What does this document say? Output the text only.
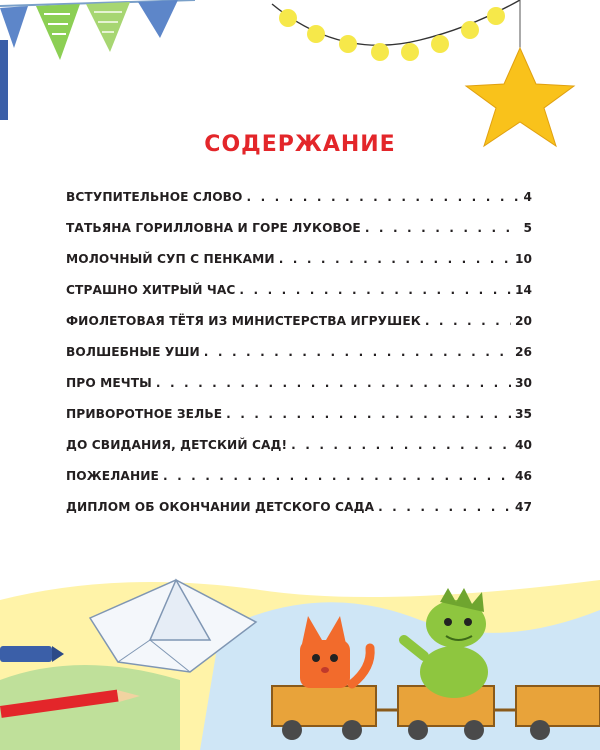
СОДЕРЖАНИЕ
ВСТУПИТЕЛЬНОЕ СЛОВО . . .	4
ТАТЬЯНА ГОРИЛЛОВНА И ГОРЕ ЛУКОВОЕ . . .	5
МОЛОЧНЫЙ СУП С ПЕНКАМИ . . .	10
СТРАШНО ХИТРЫЙ ЧАС . . .	14
ФИОЛЕТОВАЯ ТЁТЯ ИЗ МИНИСТЕРСТВА ИГРУШЕК . . .	20
ВОЛШЕБНЫЕ УШИ . . .	26
ПРО МЕЧТЫ . . .	30
ПРИВОРОТНОЕ ЗЕЛЬЕ . . .	35
ДО СВИДАНИЯ, ДЕТСКИЙ САД! . . .	40
ПОЖЕЛАНИЕ . . .	46
ДИПЛОМ ОБ ОКОНЧАНИИ ДЕТСКОГО САДА . . .	47
